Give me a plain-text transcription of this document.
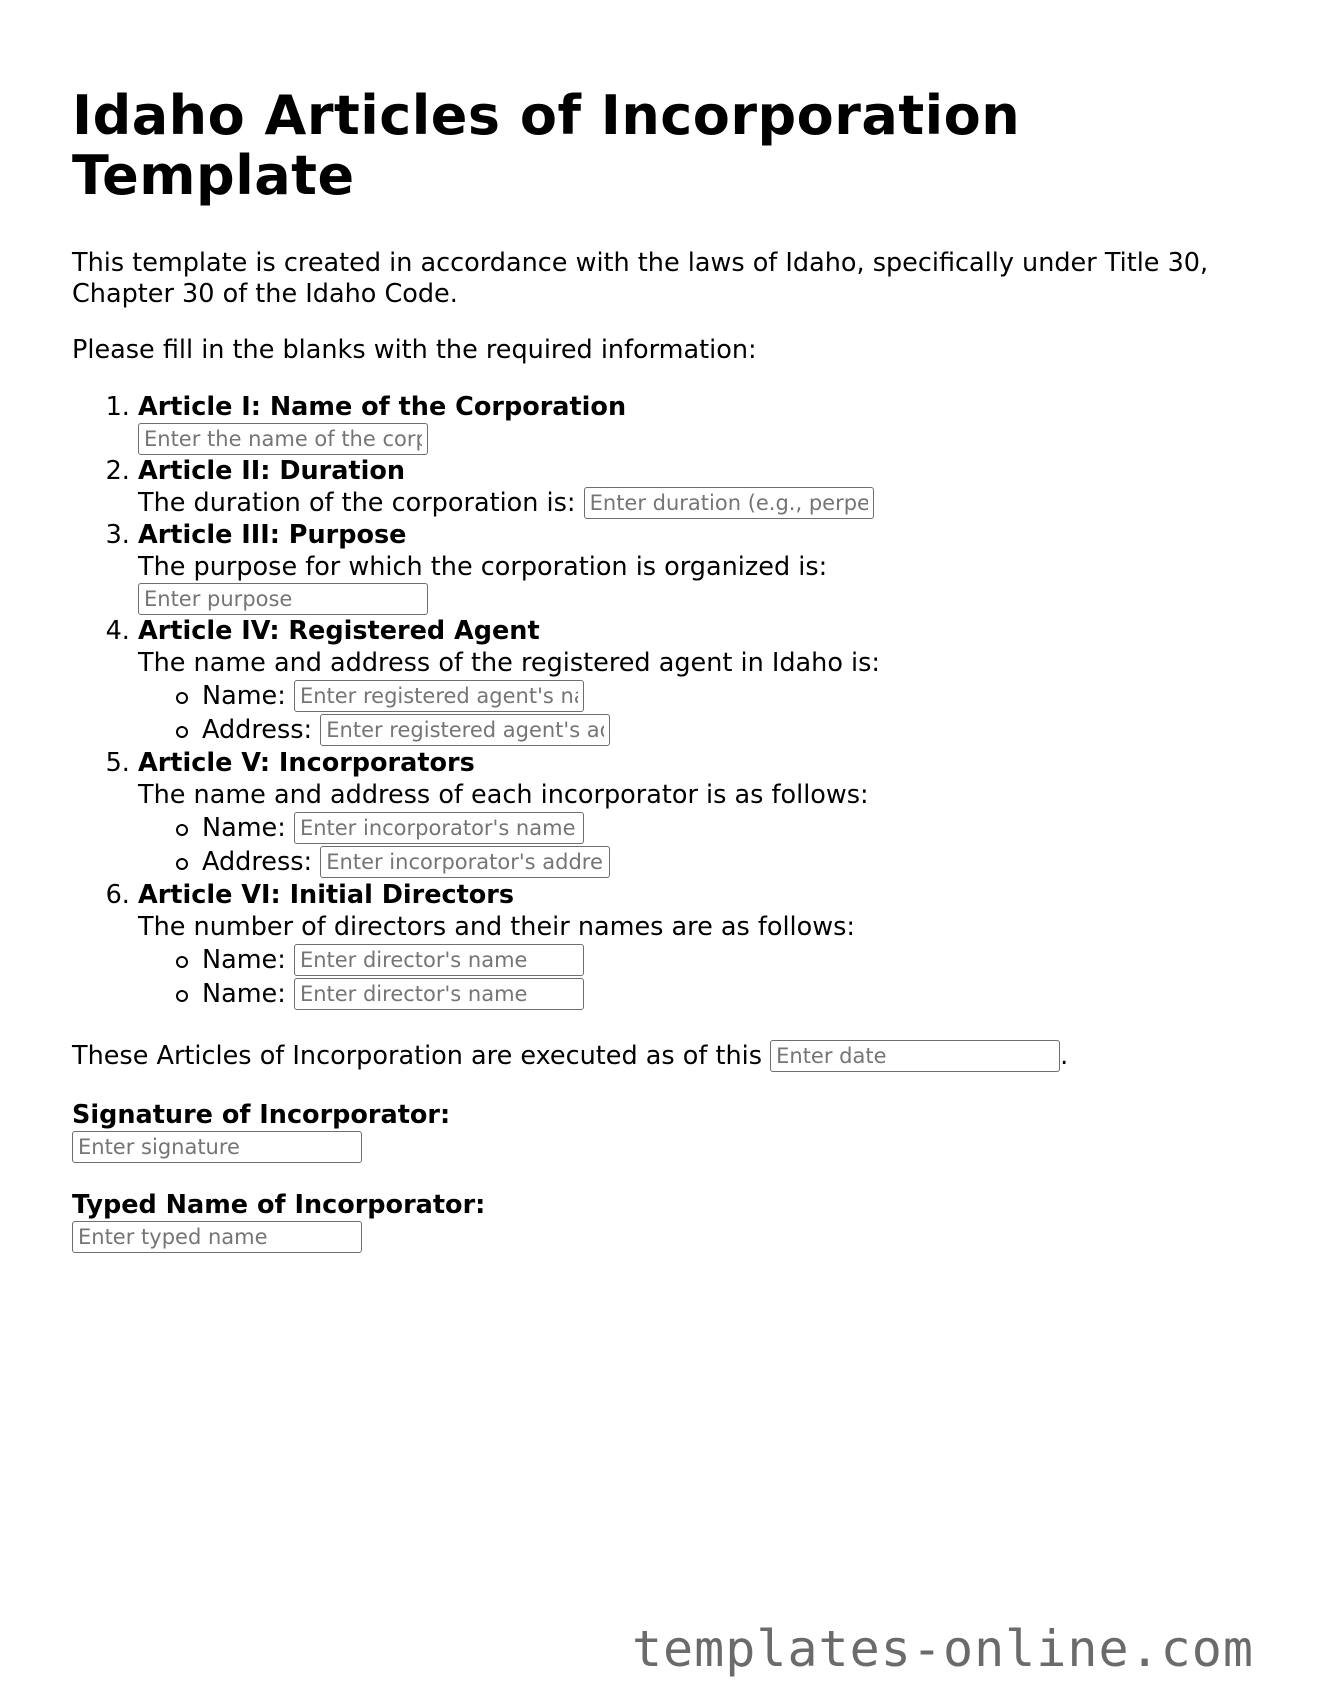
Idaho Articles of Incorporation Template

This template is created in accordance with the laws of Idaho, specifically under Title 30, Chapter 30 of the Idaho Code.

Please fill in the blanks with the required information:

1. Article I: Name of the Corporation
Enter the name of the corporation
2. Article II: Duration
The duration of the corporation is: Enter duration (e.g., perpetual)
3. Article III: Purpose
The purpose for which the corporation is organized is:
Enter purpose
4. Article IV: Registered Agent
The name and address of the registered agent in Idaho is:
Name: Enter registered agent's name
Address: Enter registered agent's address
5. Article V: Incorporators
The name and address of each incorporator is as follows:
Name: Enter incorporator's name
Address: Enter incorporator's address
6. Article VI: Initial Directors
The number of directors and their names are as follows:
Name: Enter director's name
Name: Enter director's name

These Articles of Incorporation are executed as of this Enter date	.

Signature of Incorporator:
Enter signature
Typed Name of Incorporator:
Enter typed name
templates-online.com
